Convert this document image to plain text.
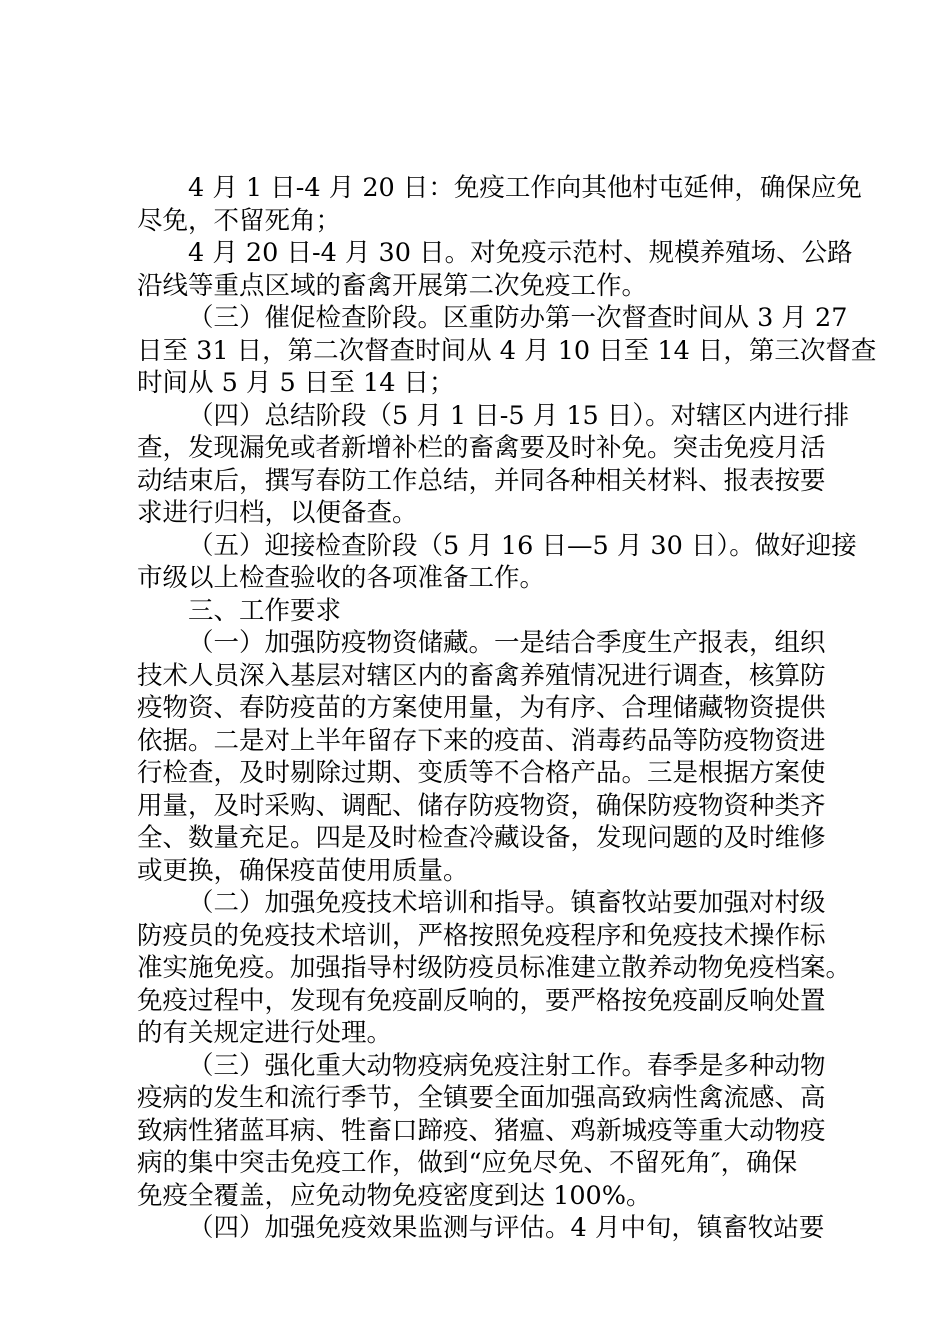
4 月 1 日-4 月 20 日：免疫工作向其他村屯延伸，确保应免
尽免，不留死角；
4 月 20 日-4 月 30 日。对免疫示范村、规模养殖场、公路
沿线等重点区域的畜禽开展第二次免疫工作。
（三）催促检查阶段。区重防办第一次督查时间从 3 月 27
日至 31 日，第二次督查时间从 4 月 10 日至 14 日，第三次督查
时间从 5 月 5 日至 14 日；
（四）总结阶段（5 月 1 日-5 月 15 日）。对辖区内进行排
查，发现漏免或者新增补栏的畜禽要及时补免。突击免疫月活
动结束后，撰写春防工作总结，并同各种相关材料、报表按要
求进行归档，以便备查。
（五）迎接检查阶段（5 月 16 日—5 月 30 日）。做好迎接
市级以上检查验收的各项准备工作。
三、工作要求
（一）加强防疫物资储藏。一是结合季度生产报表，组织
技术人员深入基层对辖区内的畜禽养殖情况进行调查，核算防
疫物资、春防疫苗的方案使用量，为有序、合理储藏物资提供
依据。二是对上半年留存下来的疫苗、消毒药品等防疫物资进
行检查，及时剔除过期、变质等不合格产品。三是根据方案使
用量，及时采购、调配、储存防疫物资，确保防疫物资种类齐
全、数量充足。四是及时检查冷藏设备，发现问题的及时维修
或更换，确保疫苗使用质量。
（二）加强免疫技术培训和指导。镇畜牧站要加强对村级
防疫员的免疫技术培训，严格按照免疫程序和免疫技术操作标
准实施免疫。加强指导村级防疫员标准建立散养动物免疫档案。
免疫过程中，发现有免疫副反响的，要严格按免疫副反响处置
的有关规定进行处理。
（三）强化重大动物疫病免疫注射工作。春季是多种动物
疫病的发生和流行季节，全镇要全面加强高致病性禽流感、高
致病性猪蓝耳病、牲畜口蹄疫、猪瘟、鸡新城疫等重大动物疫
病的集中突击免疫工作，做到“应免尽免、不留死角″，确保
免疫全覆盖，应免动物免疫密度到达 100%。
（四）加强免疫效果监测与评估。4 月中旬，镇畜牧站要
